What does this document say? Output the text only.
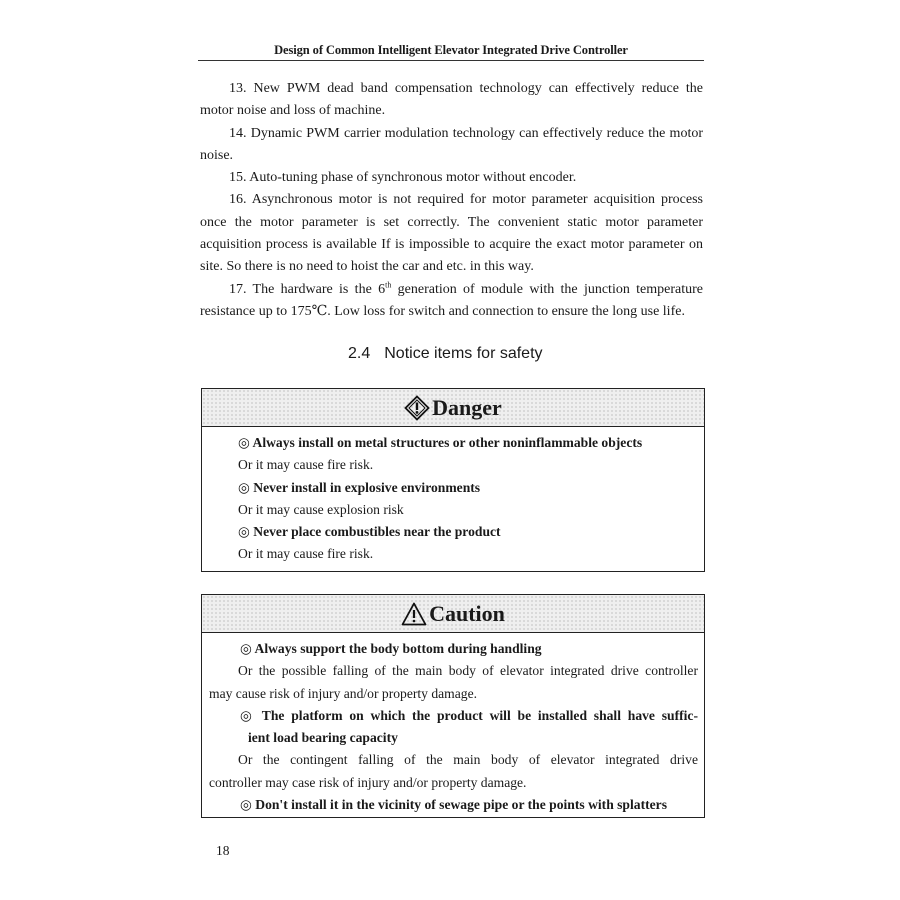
Design of Common Intelligent Elevator Integrated Drive Controller

13. New PWM dead band compensation technology can effectively reduce the motor noise and loss of machine.

14. Dynamic PWM carrier modulation technology can effectively reduce the motor noise.

15. Auto-tuning phase of synchronous motor without encoder.

16. Asynchronous motor is not required for motor parameter acquisition process once the motor parameter is set correctly. The convenient static motor parameter acquisition process is available If is impossible to acquire the exact motor parameter on site. So there is no need to hoist the car and etc. in this way.

17. The hardware is the 6th generation of module with the junction temperature resistance up to 175℃. Low loss for switch and connection to ensure the long use life.

2.4 Notice items for safety
Danger
◎ Always install on metal structures or other noninflammable objects
Or it may cause fire risk.
◎ Never install in explosive environments
Or it may cause explosion risk
◎ Never place combustibles near the product
Or it may cause fire risk.
Caution
◎ Always support the body bottom during handling
Or the possible falling of the main body of elevator integrated drive controller
may cause risk of injury and/or property damage.
◎ The platform on which the product will be installed shall have suffic-
ient load bearing capacity
Or the contingent falling of the main body of elevator integrated drive
controller may case risk of injury and/or property damage.
◎ Don't install it in the vicinity of sewage pipe or the points with splatters
18
